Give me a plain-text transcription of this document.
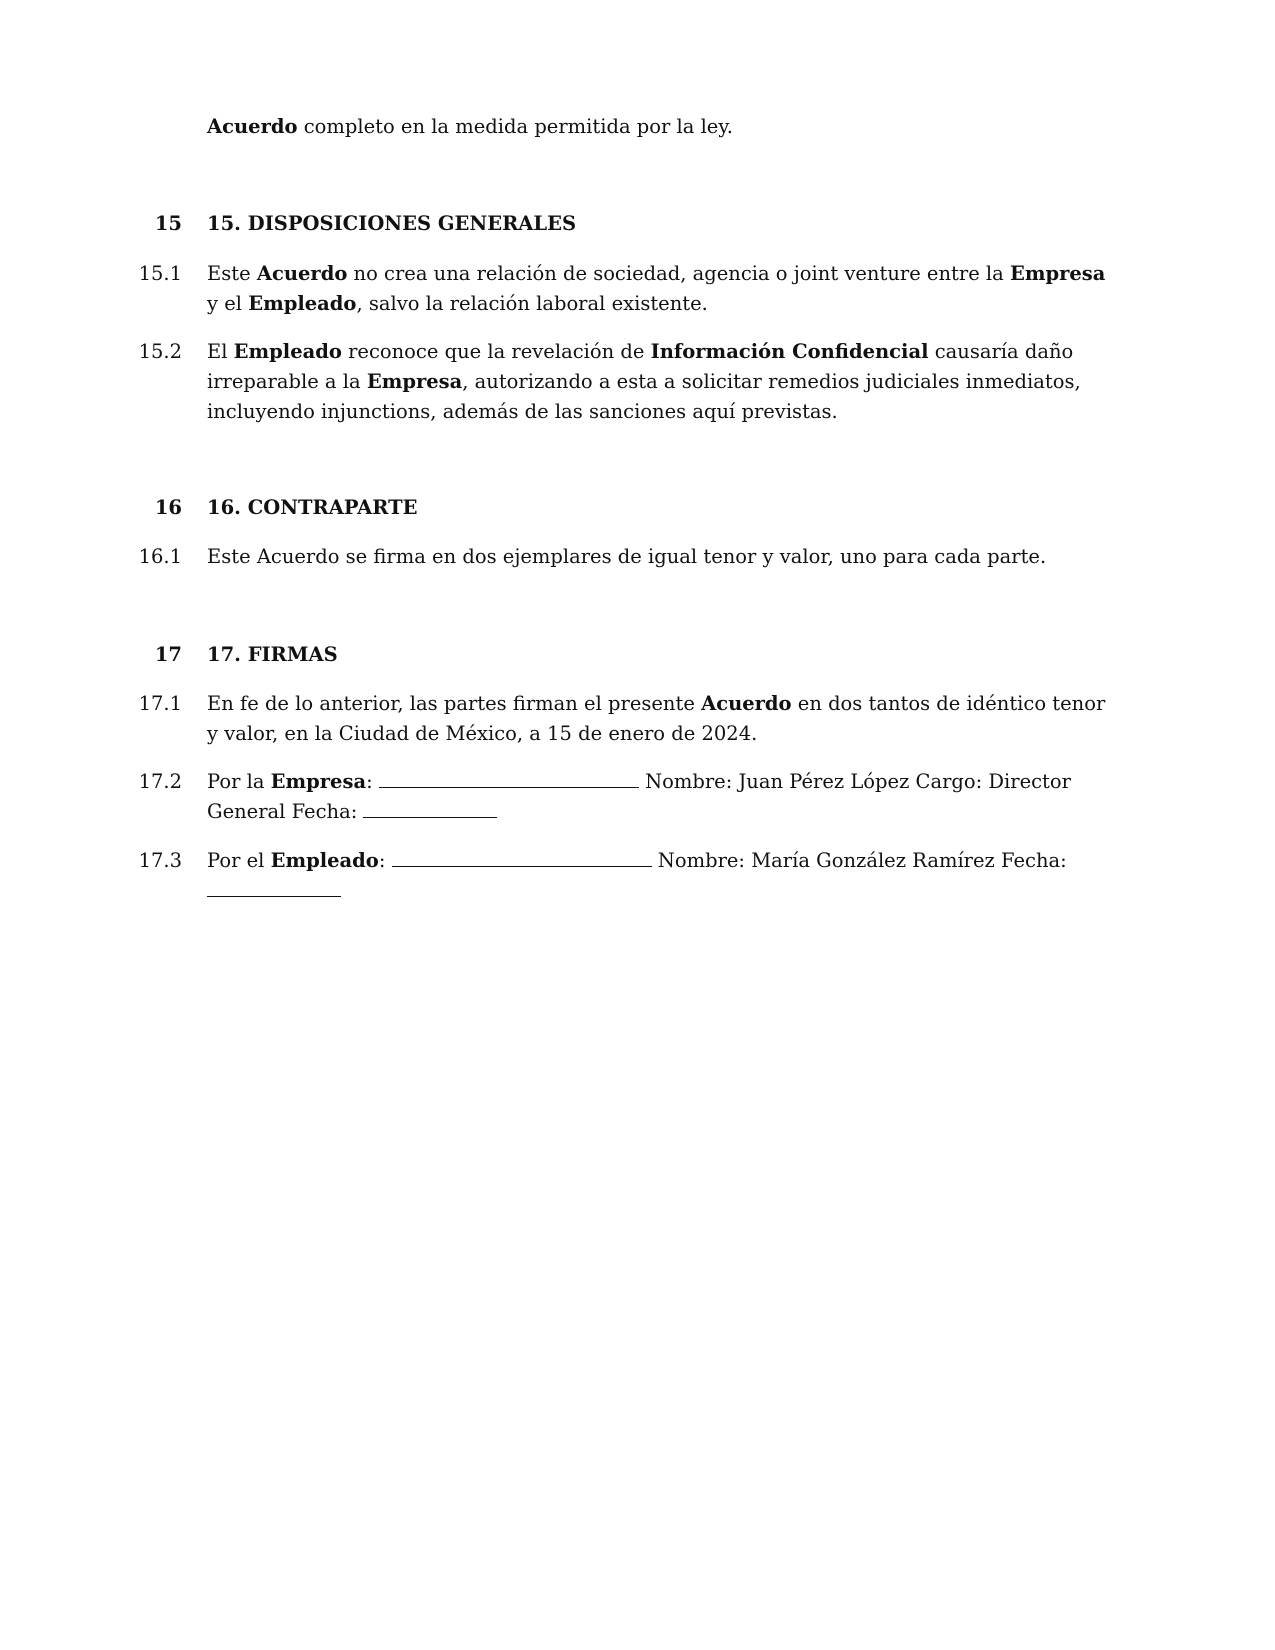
Acuerdo completo en la medida permitida por la ley.
15 15. DISPOSICIONES GENERALES
15.1 Este Acuerdo no crea una relación de sociedad, agencia o joint venture entre la Empresa y el Empleado, salvo la relación laboral existente.
15.2 El Empleado reconoce que la revelación de Información Confidencial causaría daño irreparable a la Empresa, autorizando a esta a solicitar remedios judiciales inmediatos, incluyendo injunctions, además de las sanciones aquí previstas.
16 16. CONTRAPARTE
16.1 Este Acuerdo se firma en dos ejemplares de igual tenor y valor, uno para cada parte.
17 17. FIRMAS
17.1 En fe de lo anterior, las partes firman el presente Acuerdo en dos tantos de idéntico tenor y valor, en la Ciudad de México, a 15 de enero de 2024.
17.2 Por la Empresa:	Nombre: Juan Pérez López Cargo: Director General Fecha:
17.3 Por el Empleado:	Nombre: María González Ramírez Fecha:
